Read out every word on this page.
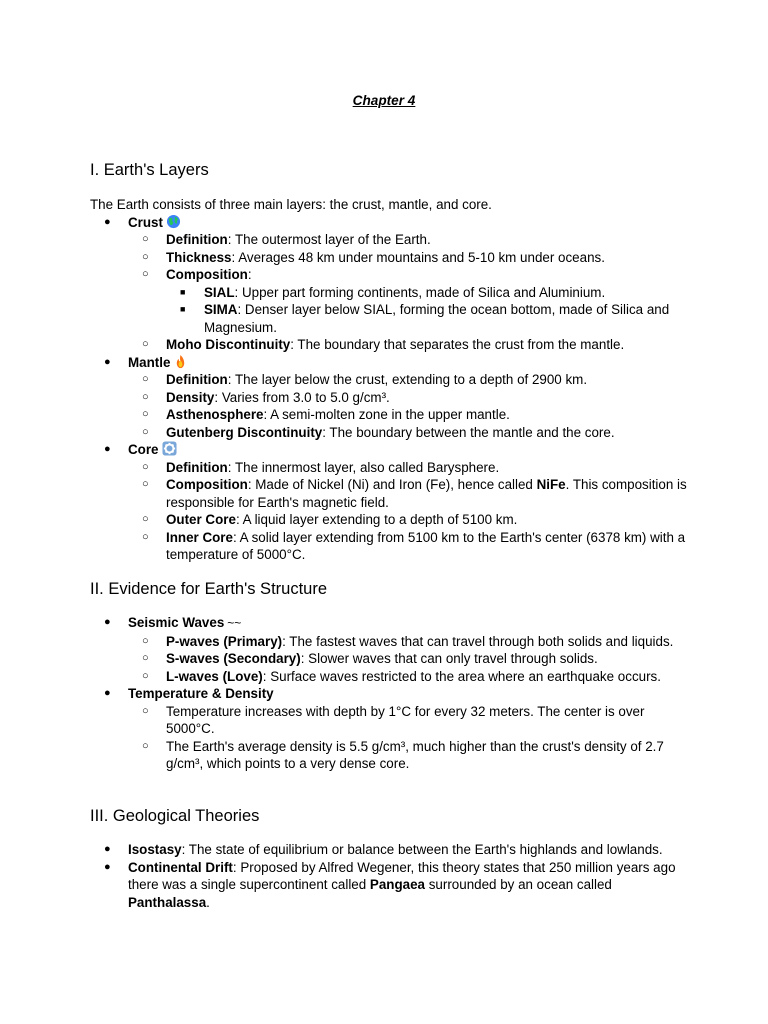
Chapter 4
I. Earth's Layers

The Earth consists of three main layers: the crust, mantle, and core.

● Crust
○ Definition: The outermost layer of the Earth.
○ Thickness: Averages 48 km under mountains and 5-10 km under oceans.
○ Composition:
■ SIAL: Upper part forming continents, made of Silica and Aluminium.
■ SIMA: Denser layer below SIAL, forming the ocean bottom, made of Silica and Magnesium.
○ Moho Discontinuity: The boundary that separates the crust from the mantle.
● Mantle
○ Definition: The layer below the crust, extending to a depth of 2900 km.
○ Density: Varies from 3.0 to 5.0 g/cm³.
○ Asthenosphere: A semi-molten zone in the upper mantle.
○ Gutenberg Discontinuity: The boundary between the mantle and the core.
● Core
○ Definition: The innermost layer, also called Barysphere.
○ Composition: Made of Nickel (Ni) and Iron (Fe), hence called NiFe. This composition is responsible for Earth's magnetic field.
○ Outer Core: A liquid layer extending to a depth of 5100 km.
○ Inner Core: A solid layer extending from 5100 km to the Earth's center (6378 km) with a temperature of 5000°C.
II. Evidence for Earth's Structure
● Seismic Waves ~~
○ P-waves (Primary): The fastest waves that can travel through both solids and liquids.
○ S-waves (Secondary): Slower waves that can only travel through solids.
○ L-waves (Love): Surface waves restricted to the area where an earthquake occurs.
● Temperature & Density
○ Temperature increases with depth by 1°C for every 32 meters. The center is over 5000°C.
○ The Earth's average density is 5.5 g/cm³, much higher than the crust's density of 2.7 g/cm³, which points to a very dense core.
III. Geological Theories
● Isostasy: The state of equilibrium or balance between the Earth's highlands and lowlands.
● Continental Drift: Proposed by Alfred Wegener, this theory states that 250 million years ago there was a single supercontinent called Pangaea surrounded by an ocean called Panthalassa.
